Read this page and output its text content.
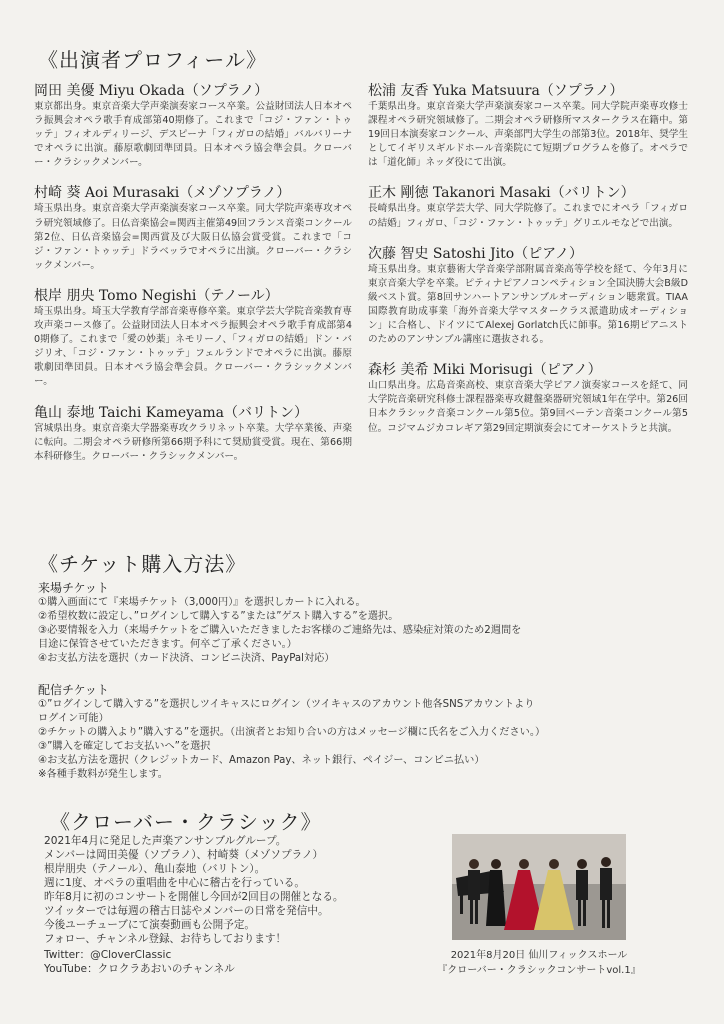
《出演者プロフィール》
岡田 美優 Miyu Okada（ソプラノ）
東京都出身。東京音楽大学声楽演奏家コース卒業。公益財団法人日本オペラ振興会オペラ歌手育成部第40期修了。これまで「コジ・ファン・トゥッテ」フィオルディリージ、デスピーナ「フィガロの結婚」バルバリーナでオペラに出演。藤原歌劇団準団員。日本オペラ協会準会員。クローバー・クラシックメンバー。
村崎 葵 Aoi Murasaki（メゾソプラノ）
埼玉県出身。東京音楽大学声楽演奏家コース卒業。同大学院声楽専攻オペラ研究領域修了。日仏音楽協会=関西主催第49回フランス音楽コンクール 第2位、日仏音楽協会=関西賞及び大阪日仏協会賞受賞。これまで「コジ・ファン・トゥッテ」ドラベッラでオペラに出演。クローバー・クラシックメンバー。
根岸 朋央 Tomo Negishi（テノール）
埼玉県出身。埼玉大学教育学部音楽専修卒業。東京学芸大学院音楽教育専攻声楽コース修了。公益財団法人日本オペラ振興会オペラ歌手育成部第40期修了。これまで「愛の妙薬」ネモリーノ、「フィガロの結婚」ドン・バジリオ、「コジ・ファン・トゥッテ」フェルランドでオペラに出演。藤原歌劇団準団員。日本オペラ協会準会員。クローバー・クラシックメンバー。
亀山 泰地 Taichi Kameyama（バリトン）
宮城県出身。東京音楽大学器楽専攻クラリネット卒業。大学卒業後、声楽に転向。二期会オペラ研修所第66期予科にて奨励賞受賞。現在、第66期本科研修生。クローバー・クラシックメンバー。
松浦 友香 Yuka Matsuura（ソプラノ）
千葉県出身。東京音楽大学声楽演奏家コース卒業。同大学院声楽専攻修士課程オペラ研究領域修了。二期会オペラ研修所マスタークラス在籍中。第19回日本演奏家コンクール、声楽部門大学生の部第3位。2018年、奨学生としてイギリスギルドホール音楽院にて短期プログラムを修了。オペラでは「道化師」ネッダ役にて出演。
正木 剛徳 Takanori Masaki（バリトン）
長崎県出身。東京学芸大学、同大学院修了。これまでにオペラ「フィガロの結婚」フィガロ、「コジ・ファン・トゥッテ」グリエルモなどで出演。
次藤 智史 Satoshi Jito（ピアノ）
埼玉県出身。東京藝術大学音楽学部附属音楽高等学校を経て、今年3月に東京音楽大学を卒業。ピティナピアノコンペティション全国決勝大会B級D級ベスト賞。第8回サンハートアンサンブルオーディション聴衆賞。TIAA国際教育助成事業「海外音楽大学マスタークラス派遣助成オーディション」に合格し、ドイツにてAlexej Gorlatch氏に師事。第16期ピアニストのためのアンサンブル講座に選抜される。
森杉 美希 Miki Morisugi（ピアノ）
山口県出身。広島音楽高校、東京音楽大学ピアノ演奏家コースを経て、同大学院音楽研究科修士課程器楽専攻鍵盤楽器研究領域1年在学中。第26回日本クラシック音楽コンクール第5位。第9回ベーテン音楽コンクール第5位。コジマムジカコレギア第29回定期演奏会にてオーケストラと共演。
《チケット購入方法》
来場チケット
①購入画面にて『来場チケット（3,000円）』を選択しカートに入れる。
②希望枚数に設定し、”ログインして購入する”または”ゲスト購入する”を選択。
③必要情報を入力（来場チケットをご購入いただきましたお客様のご連絡先は、感染症対策のため2週間を
目途に保管させていただきます。何卒ご了承ください。）
④お支払方法を選択（カード決済、コンビニ決済、PayPal対応）
配信チケット
①”ログインして購入する”を選択しツイキャスにログイン（ツイキャスのアカウント他各SNSアカウントより
ログイン可能）
②チケットの購入より”購入する”を選択。（出演者とお知り合いの方はメッセージ欄に氏名をご入力ください。）
③”購入を確定してお支払いへ”を選択
④お支払方法を選択（クレジットカード、Amazon Pay、ネット銀行、ペイジー、コンビニ払い）
※各種手数料が発生します。
《クローバー・クラシック》
2021年4月に発足した声楽アンサンブルグループ。
メンバーは岡田美優（ソプラノ）、村崎葵（メゾソプラノ）
根岸朋央（テノール）、亀山泰地（バリトン）。
週に1度、オペラの重唱曲を中心に稽古を行っている。
昨年8月に初のコンサートを開催し今回が2回目の開催となる。
ツイッターでは毎週の稽古日誌やメンバーの日常を発信中。
今後ユーチューブにて演奏動画も公開予定。
フォロー、チャンネル登録、お待ちしております！
Twitter：@CloverClassic
YouTube：クロクラあおいのチャンネル
2021年8月20日 仙川フィックスホール
『クローバー・クラシックコンサートvol.1』
